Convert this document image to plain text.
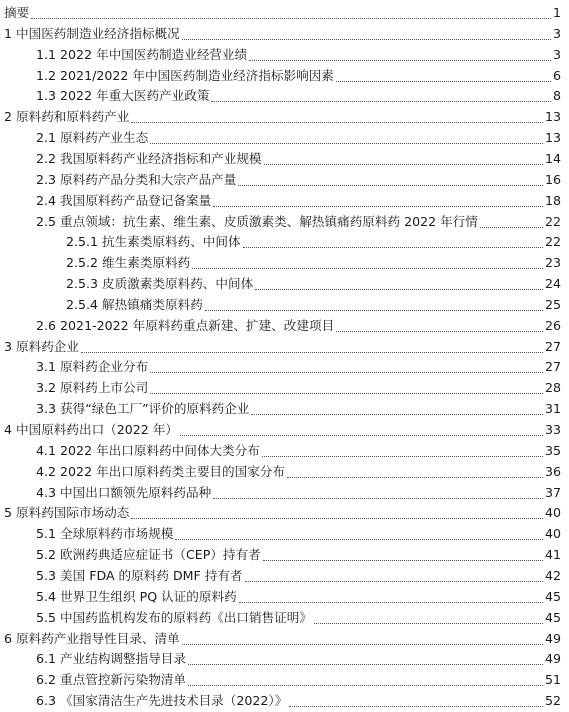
摘要	1
1 中国医药制造业经济指标概况	3
1.1 2022 年中国医药制造业经营业绩	3
1.2 2021/2022 年中国医药制造业经济指标影响因素	6
1.3 2022 年重大医药产业政策	8
2 原料药和原料药产业	13
2.1 原料药产业生态	13
2.2 我国原料药产业经济指标和产业规模	14
2.3 原料药产品分类和大宗产品产量	16
2.4 我国原料药产品登记备案量	18
2.5 重点领域：抗生素、维生素、皮质激素类、解热镇痛药原料药 2022 年行情	22
2.5.1 抗生素类原料药、中间体	22
2.5.2 维生素类原料药	23
2.5.3 皮质激素类原料药、中间体	24
2.5.4 解热镇痛类原料药	25
2.6 2021-2022 年原料药重点新建、扩建、改建项目	26
3 原料药企业	27
3.1 原料药企业分布	27
3.2 原料药上市公司	28
3.3 获得“绿色工厂”评价的原料药企业	31
4 中国原料药出口（2022 年）	33
4.1 2022 年出口原料药中间体大类分布	35
4.2 2022 年出口原料药类主要目的国家分布	36
4.3 中国出口额领先原料药品种	37
5 原料药国际市场动态	40
5.1 全球原料药市场规模	40
5.2 欧洲药典适应症证书（CEP）持有者	41
5.3 美国 FDA 的原料药 DMF 持有者	42
5.4 世界卫生组织 PQ 认证的原料药	45
5.5 中国药监机构发布的原料药《出口销售证明》	45
6 原料药产业指导性目录、清单	49
6.1 产业结构调整指导目录	49
6.2 重点管控新污染物清单	51
6.3 《国家清洁生产先进技术目录（2022）》	52
